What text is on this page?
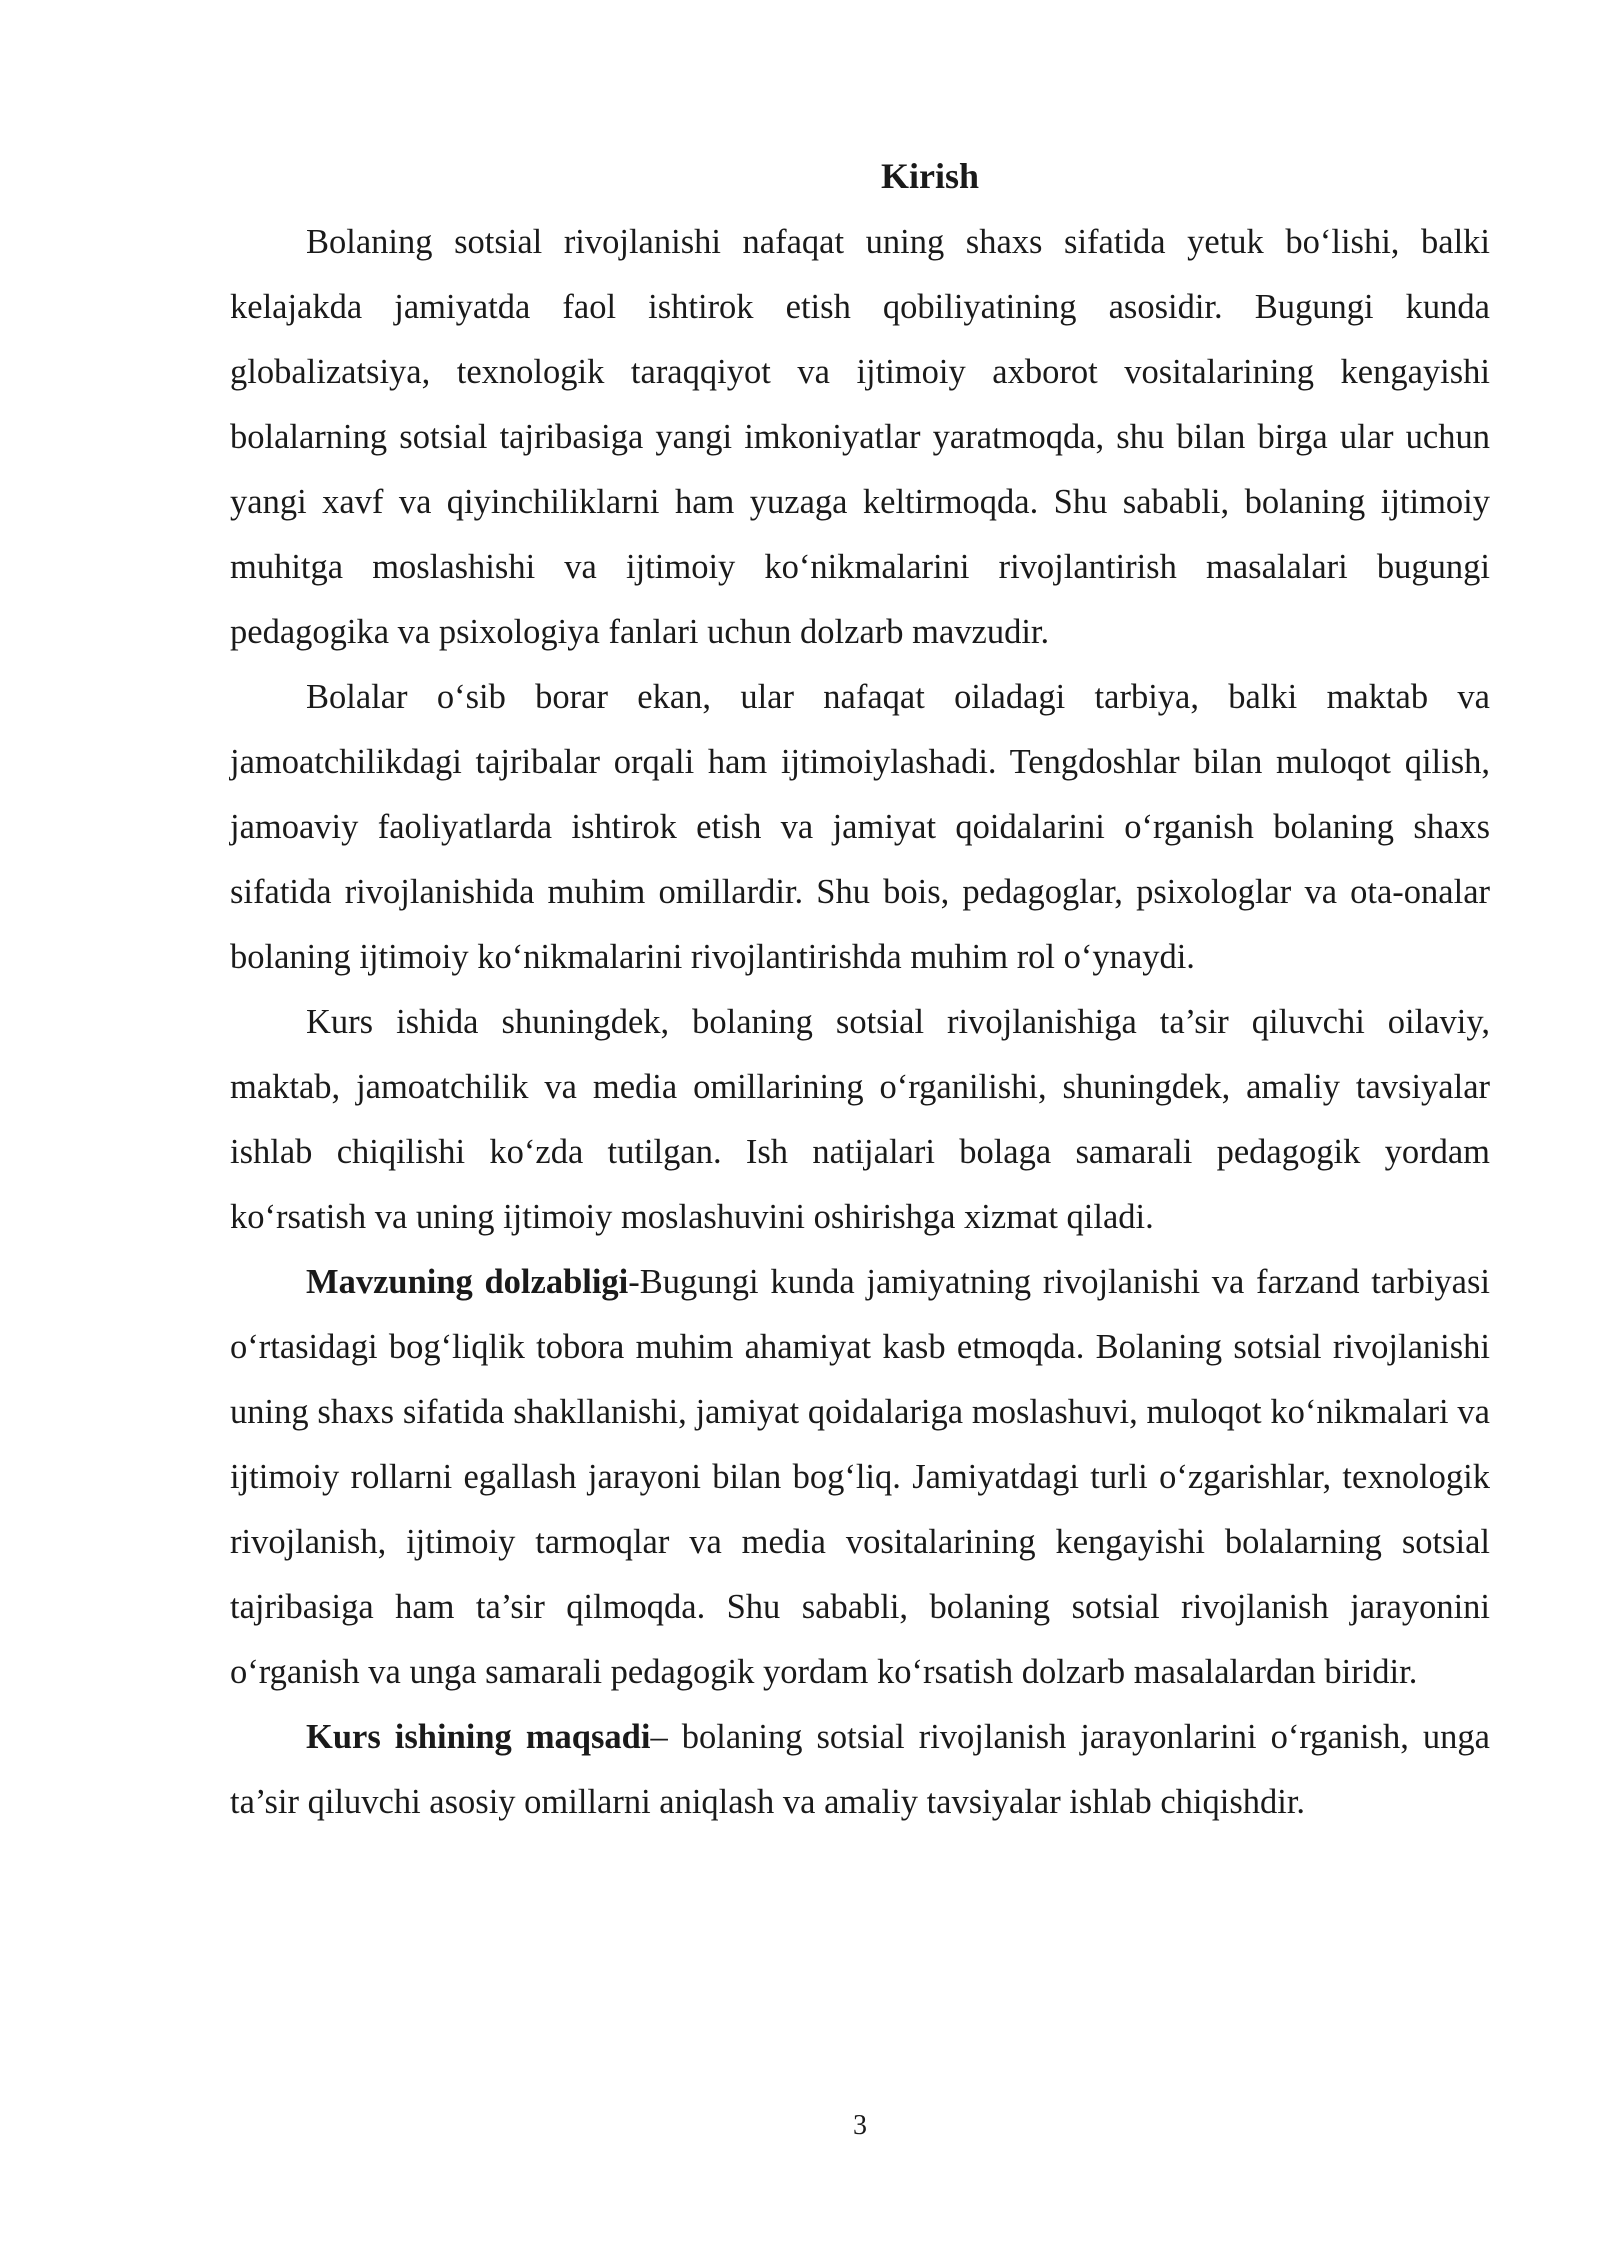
Kirish

Bolaning sotsial rivojlanishi nafaqat uning shaxs sifatida yetuk bo‘lishi, balki kelajakda jamiyatda faol ishtirok etish qobiliyatining asosidir. Bugungi kunda globalizatsiya, texnologik taraqqiyot va ijtimoiy axborot vositalarining kengayishi bolalarning sotsial tajribasiga yangi imkoniyatlar yaratmoqda, shu bilan birga ular uchun yangi xavf va qiyinchiliklarni ham yuzaga keltirmoqda. Shu sababli, bolaning ijtimoiy muhitga moslashishi va ijtimoiy ko‘nikmalarini rivojlantirish masalalari bugungi pedagogika va psixologiya fanlari uchun dolzarb mavzudir.

Bolalar o‘sib borar ekan, ular nafaqat oiladagi tarbiya, balki maktab va jamoatchilikdagi tajribalar orqali ham ijtimoiylashadi. Tengdoshlar bilan muloqot qilish, jamoaviy faoliyatlarda ishtirok etish va jamiyat qoidalarini o‘rganish bolaning shaxs sifatida rivojlanishida muhim omillardir. Shu bois, pedagoglar, psixologlar va ota-onalar bolaning ijtimoiy ko‘nikmalarini rivojlantirishda muhim rol o‘ynaydi.

Kurs ishida shuningdek, bolaning sotsial rivojlanishiga ta’sir qiluvchi oilaviy, maktab, jamoatchilik va media omillarining o‘rganilishi, shuningdek, amaliy tavsiyalar ishlab chiqilishi ko‘zda tutilgan. Ish natijalari bolaga samarali pedagogik yordam ko‘rsatish va uning ijtimoiy moslashuvini oshirishga xizmat qiladi.

Mavzuning dolzabligi-Bugungi kunda jamiyatning rivojlanishi va farzand tarbiyasi o‘rtasidagi bog‘liqlik tobora muhim ahamiyat kasb etmoqda. Bolaning sotsial rivojlanishi uning shaxs sifatida shakllanishi, jamiyat qoidalariga moslashuvi, muloqot ko‘nikmalari va ijtimoiy rollarni egallash jarayoni bilan bog‘liq. Jamiyatdagi turli o‘zgarishlar, texnologik rivojlanish, ijtimoiy tarmoqlar va media vositalarining kengayishi bolalarning sotsial tajribasiga ham ta’sir qilmoqda. Shu sababli, bolaning sotsial rivojlanish jarayonini o‘rganish va unga samarali pedagogik yordam ko‘rsatish dolzarb masalalardan biridir.

Kurs ishining maqsadi– bolaning sotsial rivojlanish jarayonlarini o‘rganish, unga ta’sir qiluvchi asosiy omillarni aniqlash va amaliy tavsiyalar ishlab chiqishdir.

3
